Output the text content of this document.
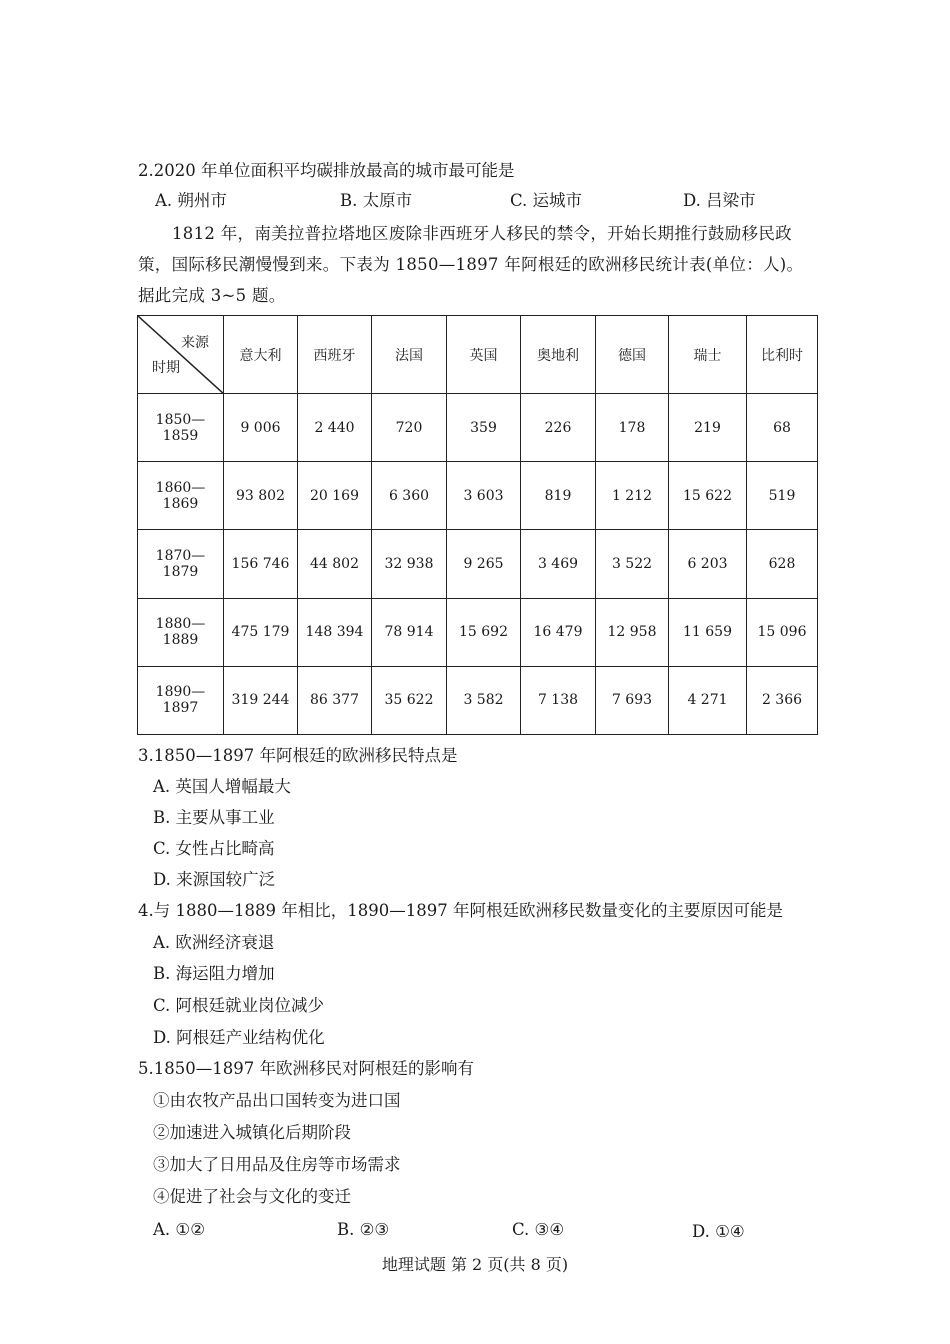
2.2020 年单位面积平均碳排放最高的城市最可能是
A. 朔州市	B. 太原市	C. 运城市	D. 吕梁市
1812 年，南美拉普拉塔地区废除非西班牙人移民的禁令，开始长期推行鼓励移民政策，国际移民潮慢慢到来。下表为 1850—1897 年阿根廷的欧洲移民统计表(单位：人)。据此完成 3~5 题。
来源
时期	意大利	西班牙	法国	英国	奥地利	德国	瑞士	比利时
1850—1859	9 006	2 440	720	359	226	178	219	68
1860—1869	93 802	20 169	6 360	3 603	819	1 212	15 622	519
1870—1879	156 746	44 802	32 938	9 265	3 469	3 522	6 203	628
1880—1889	475 179	148 394	78 914	15 692	16 479	12 958	11 659	15 096
1890—1897	319 244	86 377	35 622	3 582	7 138	7 693	4 271	2 366
3.1850—1897 年阿根廷的欧洲移民特点是
A. 英国人增幅最大
B. 主要从事工业
C. 女性占比畸高
D. 来源国较广泛
4.与 1880—1889 年相比，1890—1897 年阿根廷欧洲移民数量变化的主要原因可能是
A. 欧洲经济衰退
B. 海运阻力增加
C. 阿根廷就业岗位减少
D. 阿根廷产业结构优化
5.1850—1897 年欧洲移民对阿根廷的影响有
①由农牧产品出口国转变为进口国
②加速进入城镇化后期阶段
③加大了日用品及住房等市场需求
④促进了社会与文化的变迁
A. ①②	B. ②③	C. ③④	D. ①④
地理试题 第 2 页(共 8 页)
